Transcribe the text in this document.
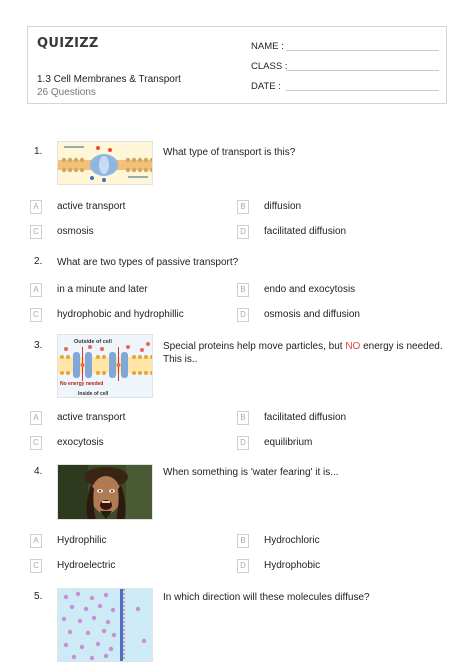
QUIZIZZ
1.3 Cell Membranes & Transport
26 Questions
NAME :
CLASS :
DATE :
1.	What type of transport is this?
A	active transport	B	diffusion
C	osmosis	D	facilitated diffusion
2. What are two types of passive transport?
A	in a minute and later	B	endo and exocytosis
C	hydrophobic and hydrophillic	D	osmosis and diffusion
3.	Outside of cell
No energy needed
Inside of cell
Special proteins help move particles, but NO energy is needed. This is..
A	active transport	B	facilitated diffusion
C	exocytosis	D	equilibrium
4.	When something is 'water fearing' it is...
A	Hydrophilic	B	Hydrochloric
C	Hydroelectric	D	Hydrophobic
5.	In which direction will these molecules diffuse?
